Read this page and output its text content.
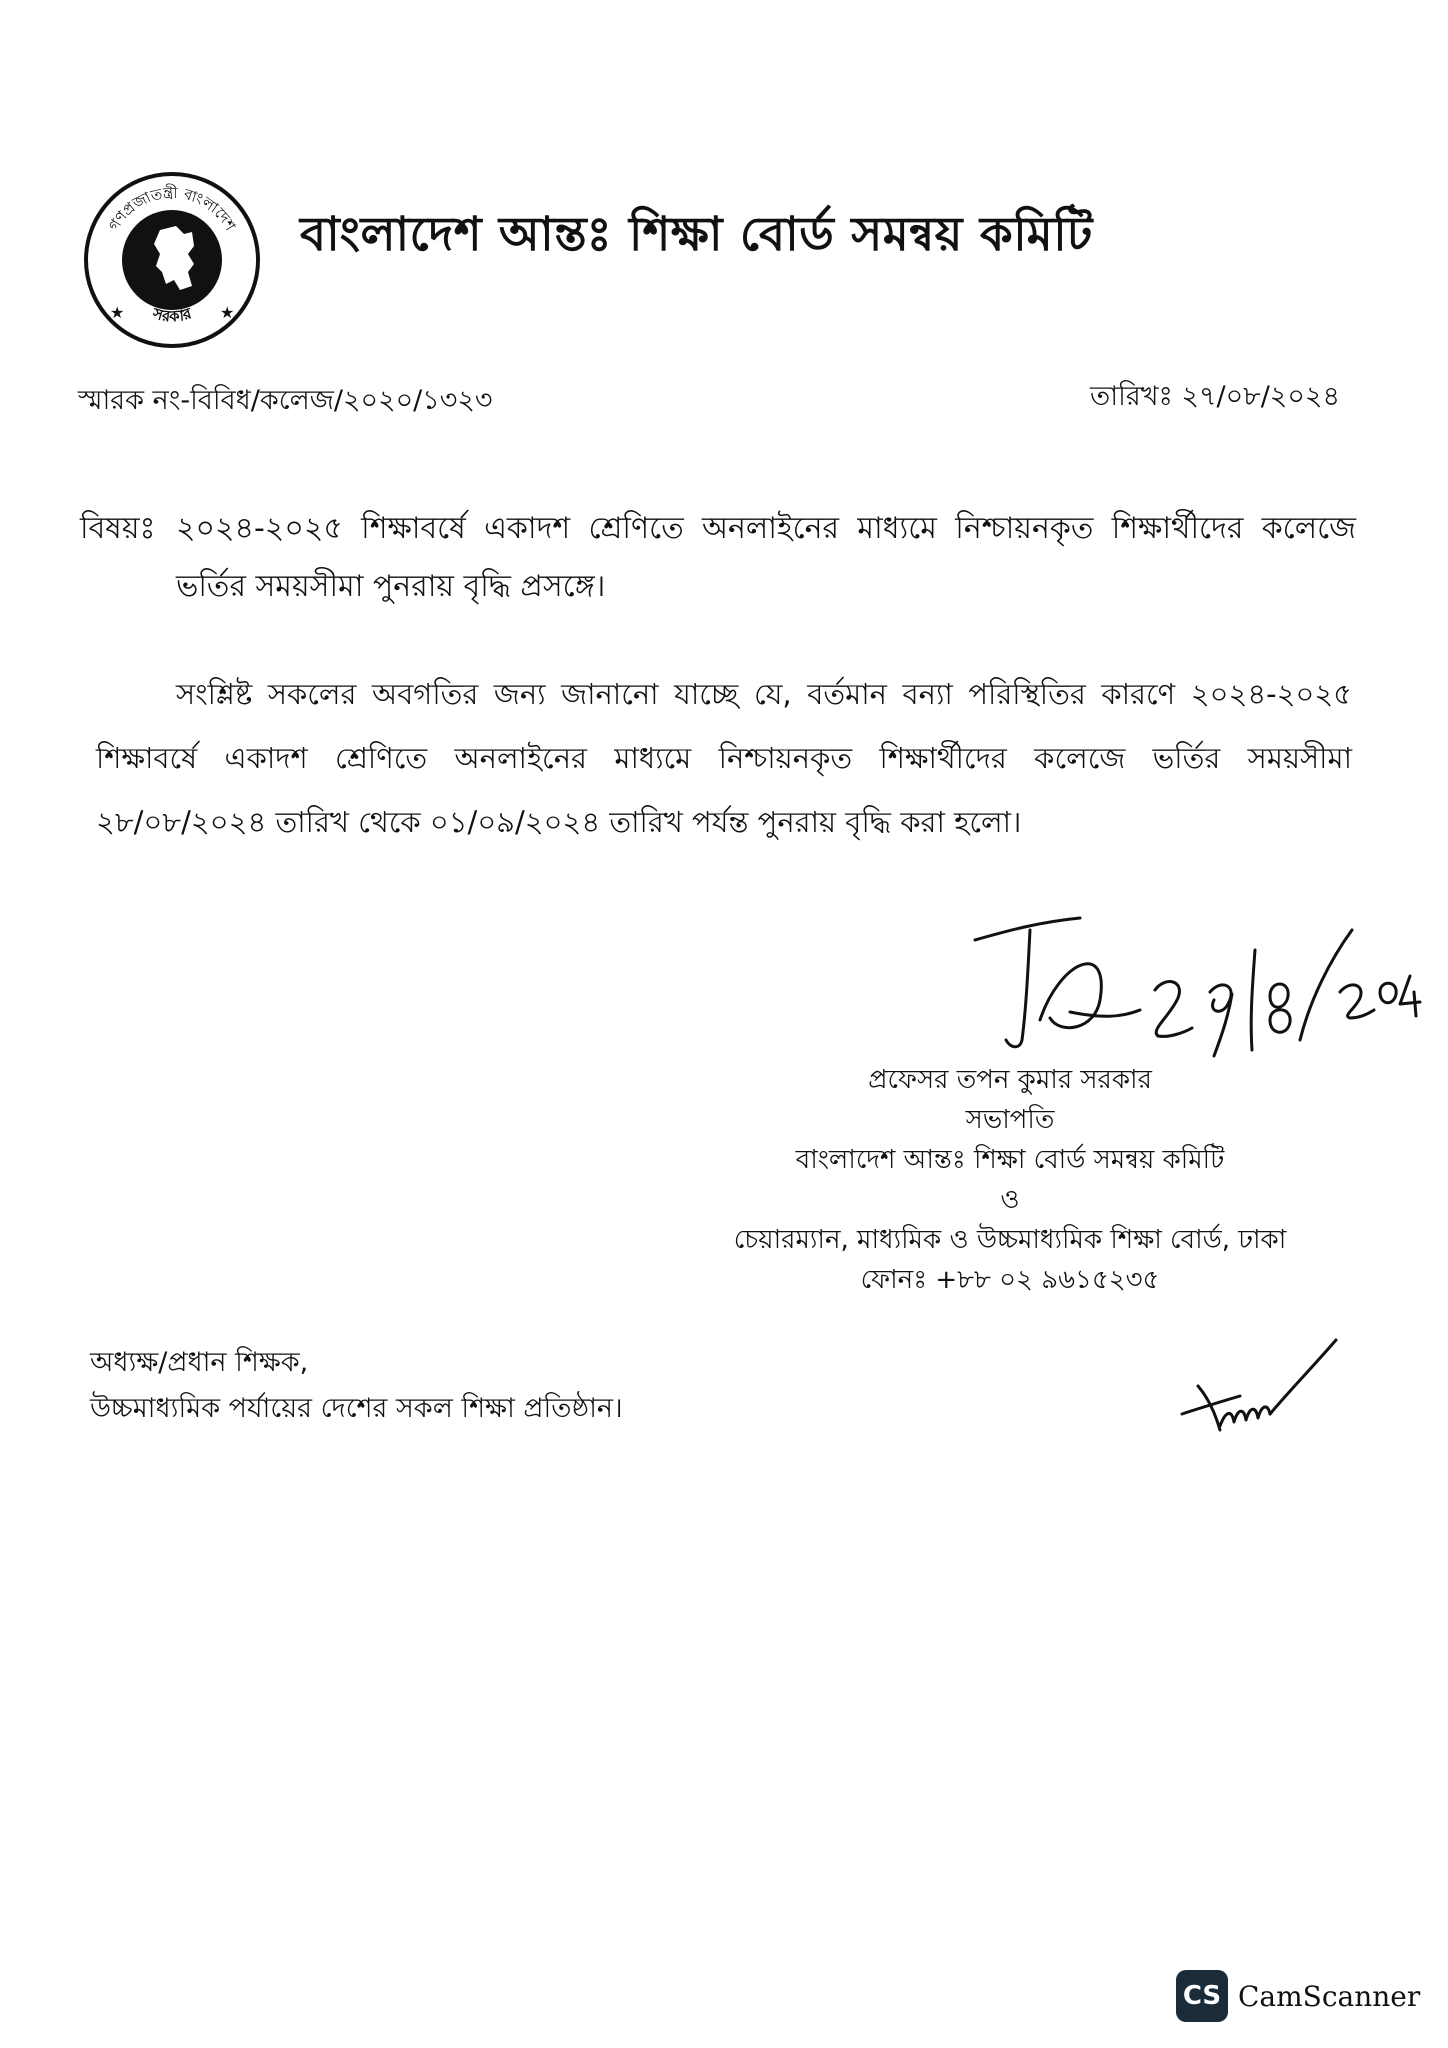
গণপ্রজাতন্ত্রী বাংলাদেশ
সরকার
★	★
বাংলাদেশ আন্তঃ শিক্ষা বোর্ড সমন্বয় কমিটি
স্মারক নং-বিবিধ/কলেজ/২০২০/১৩২৩	তারিখঃ ২৭/০৮/২০২৪
বিষয়ঃ ২০২৪-২০২৫ শিক্ষাবর্ষে একাদশ শ্রেণিতে অনলাইনের মাধ্যমে নিশ্চায়নকৃত শিক্ষার্থীদের কলেজে ভর্তির সময়সীমা পুনরায় বৃদ্ধি প্রসঙ্গে।
সংশ্লিষ্ট সকলের অবগতির জন্য জানানো যাচ্ছে যে, বর্তমান বন্যা পরিস্থিতির কারণে ২০২৪-২০২৫ শিক্ষাবর্ষে একাদশ শ্রেণিতে অনলাইনের মাধ্যমে নিশ্চায়নকৃত শিক্ষার্থীদের কলেজে ভর্তির সময়সীমা ২৮/০৮/২০২৪ তারিখ থেকে ০১/০৯/২০২৪ তারিখ পর্যন্ত পুনরায় বৃদ্ধি করা হলো।
প্রফেসর তপন কুমার সরকার
সভাপতি
বাংলাদেশ আন্তঃ শিক্ষা বোর্ড সমন্বয় কমিটি
ও
চেয়ারম্যান, মাধ্যমিক ও উচ্চমাধ্যমিক শিক্ষা বোর্ড, ঢাকা
ফোনঃ +৮৮ ০২ ৯৬১৫২৩৫
অধ্যক্ষ/প্রধান শিক্ষক,
উচ্চমাধ্যমিক পর্যায়ের দেশের সকল শিক্ষা প্রতিষ্ঠান।
CS CamScanner
